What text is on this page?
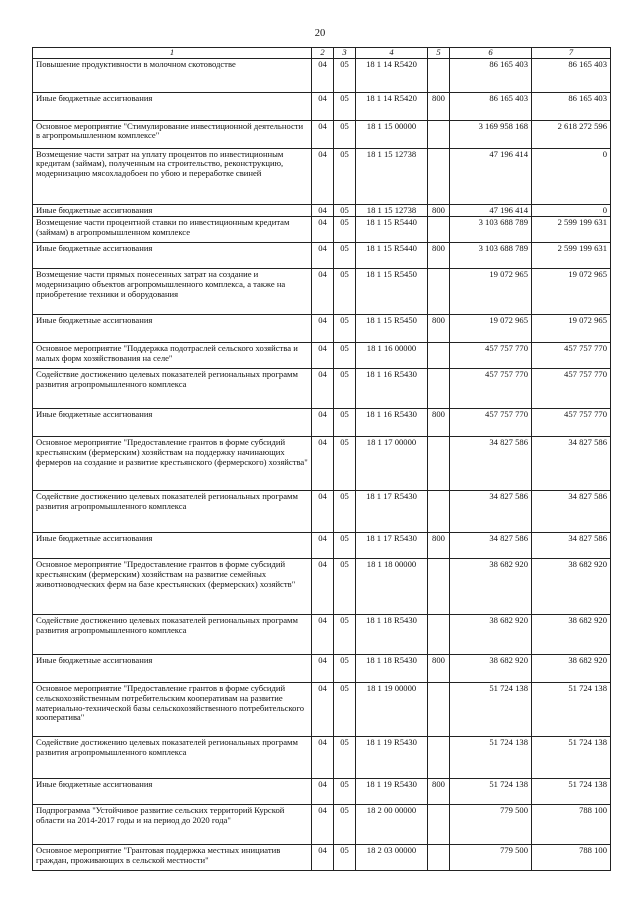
20
1	2	3	4	5	6	7
Повышение продуктивности в молочном скотоводстве	04	05	18 1 14 R5420		86 165 403	86 165 403
Иные бюджетные ассигнования	04	05	18 1 14 R5420	800	86 165 403	86 165 403
Основное мероприятие "Стимулирование инвестиционной деятельности в агропромышленном комплексе"	04	05	18 1 15 00000		3 169 958 168	2 618 272 596
Возмещение части затрат на уплату процентов по инвестиционным кредитам (займам), полученным на строительство, реконструкцию, модернизацию мясохладобоен по убою и переработке свиней	04	05	18 1 15 12738		47 196 414	0
Иные бюджетные ассигнования	04	05	18 1 15 12738	800	47 196 414	0
Возмещение части процентной ставки по инвестиционным кредитам (займам) в агропромышленном комплексе	04	05	18 1 15 R5440		3 103 688 789	2 599 199 631
Иные бюджетные ассигнования	04	05	18 1 15 R5440	800	3 103 688 789	2 599 199 631
Возмещение части прямых понесенных затрат на создание и модернизацию объектов агропромышленного комплекса, а также на приобретение техники и оборудования	04	05	18 1 15 R5450		19 072 965	19 072 965
Иные бюджетные ассигнования	04	05	18 1 15 R5450	800	19 072 965	19 072 965
Основное мероприятие "Поддержка подотраслей сельского хозяйства и малых форм хозяйствования на селе"	04	05	18 1 16 00000		457 757 770	457 757 770
Содействие достижению целевых показателей региональных программ развития агропромышленного комплекса	04	05	18 1 16 R5430		457 757 770	457 757 770
Иные бюджетные ассигнования	04	05	18 1 16 R5430	800	457 757 770	457 757 770
Основное мероприятие "Предоставление грантов в форме субсидий крестьянским (фермерским) хозяйствам на поддержку начинающих фермеров на создание и развитие крестьянского (фермерского) хозяйства"	04	05	18 1 17 00000		34 827 586	34 827 586
Содействие достижению целевых показателей региональных программ развития агропромышленного комплекса	04	05	18 1 17 R5430		34 827 586	34 827 586
Иные бюджетные ассигнования	04	05	18 1 17 R5430	800	34 827 586	34 827 586
Основное мероприятие "Предоставление грантов в форме субсидий крестьянским (фермерским) хозяйствам на развитие семейных животноводческих ферм на базе крестьянских (фермерских) хозяйств"	04	05	18 1 18 00000		38 682 920	38 682 920
Содействие достижению целевых показателей региональных программ развития агропромышленного комплекса	04	05	18 1 18 R5430		38 682 920	38 682 920
Иные бюджетные ассигнования	04	05	18 1 18 R5430	800	38 682 920	38 682 920
Основное мероприятие "Предоставление грантов в форме субсидий сельскохозяйственным потребительским кооперативам на развитие материально-технической базы сельскохозяйственного потребительского кооператива"	04	05	18 1 19 00000		51 724 138	51 724 138
Содействие достижению целевых показателей региональных программ развития агропромышленного комплекса	04	05	18 1 19 R5430		51 724 138	51 724 138
Иные бюджетные ассигнования	04	05	18 1 19 R5430	800	51 724 138	51 724 138
Подпрограмма "Устойчивое развитие сельских территорий Курской области на 2014-2017 годы и на период до 2020 года"	04	05	18 2 00 00000		779 500	788 100
Основное мероприятие "Грантовая поддержка местных инициатив граждан, проживающих в сельской местности"	04	05	18 2 03 00000		779 500	788 100
